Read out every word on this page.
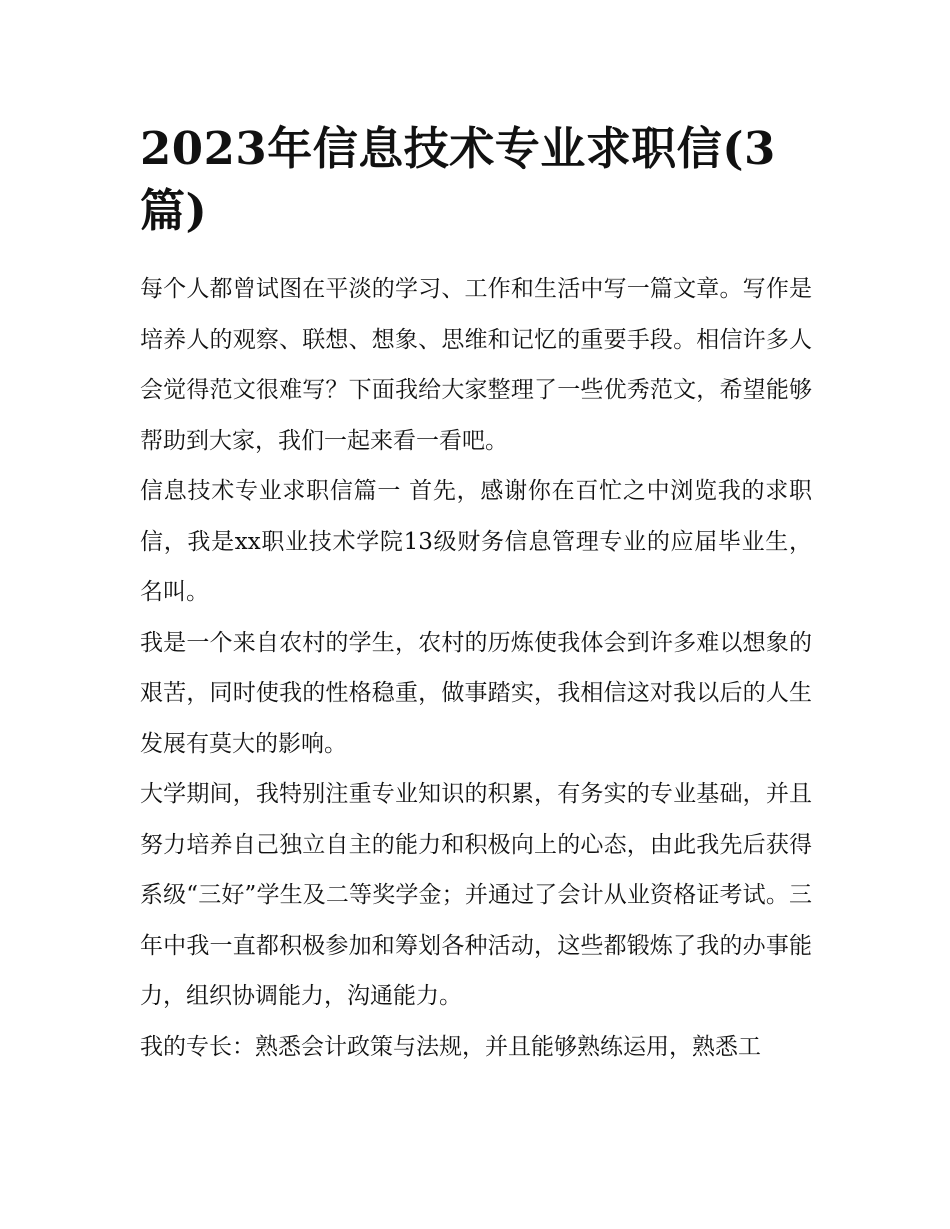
2023年信息技术专业求职信(3篇)

每个人都曾试图在平淡的学习、工作和生活中写一篇文章。写作是培养人的观察、联想、想象、思维和记忆的重要手段。相信许多人会觉得范文很难写？下面我给大家整理了一些优秀范文，希望能够帮助到大家，我们一起来看一看吧。

信息技术专业求职信篇一 首先，感谢你在百忙之中浏览我的求职信，我是xx职业技术学院13级财务信息管理专业的应届毕业生，名叫。

我是一个来自农村的学生，农村的历炼使我体会到许多难以想象的艰苦，同时使我的性格稳重，做事踏实，我相信这对我以后的人生发展有莫大的影响。

大学期间，我特别注重专业知识的积累，有务实的专业基础，并且努力培养自己独立自主的能力和积极向上的心态，由此我先后获得系级“三好”学生及二等奖学金；并通过了会计从业资格证考试。三年中我一直都积极参加和筹划各种活动，这些都锻炼了我的办事能力，组织协调能力，沟通能力。

我的专长：熟悉会计政策与法规，并且能够熟练运用，熟悉工
